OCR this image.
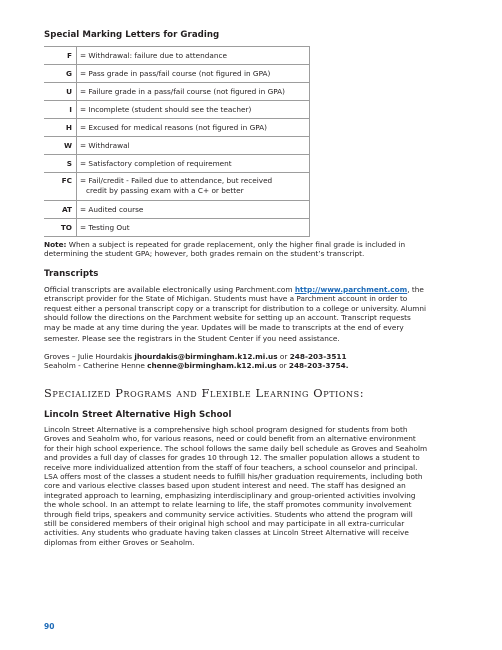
Special Marking Letters for Grading
F	= Withdrawal: failure due to attendance

G	= Pass grade in pass/fail course (not figured in GPA)

U	= Failure grade in a pass/fail course (not figured in GPA)

I	= Incomplete (student should see the teacher)

H	= Excused for medical reasons (not figured in GPA)

W	= Withdrawal

S	= Satisfactory completion of requirement

FC	= Fail/credit - Failed due to attendance, but received
credit by passing exam with a C+ or better

AT	= Audited course

TO	= Testing Out
Note: When a subject is repeated for grade replacement, only the higher final grade is included in
determining the student GPA; however, both grades remain on the student’s transcript.
Transcripts
Official transcripts are available electronically using Parchment.com http://www.parchment.com, the
etranscript provider for the State of Michigan. Students must have a Parchment account in order to
request either a personal transcript copy or a transcript for distribution to a college or university. Alumni
should follow the directions on the Parchment website for setting up an account. Transcript requests
may be made at any time during the year. Updates will be made to transcripts at the end of every
semester. Please see the registrars in the Student Center if you need assistance.
Groves – Julie Hourdakis jhourdakis@birmingham.k12.mi.us or 248-203-3511
Seaholm - Catherine Henne chenne@birmingham.k12.mi.us or 248-203-3754.
Specialized Programs and Flexible Learning Options:
Lincoln Street Alternative High School
Lincoln Street Alternative is a comprehensive high school program designed for students from both
Groves and Seaholm who, for various reasons, need or could benefit from an alternative environment
for their high school experience. The school follows the same daily bell schedule as Groves and Seaholm
and provides a full day of classes for grades 10 through 12. The smaller population allows a student to
receive more individualized attention from the staff of four teachers, a school counselor and principal.
LSA offers most of the classes a student needs to fulfill his/her graduation requirements, including both
core and various elective classes based upon student interest and need. The staff has designed an
integrated approach to learning, emphasizing interdisciplinary and group-oriented activities involving
the whole school. In an attempt to relate learning to life, the staff promotes community involvement
through field trips, speakers and community service activities. Students who attend the program will
still be considered members of their original high school and may participate in all extra-curricular
activities. Any students who graduate having taken classes at Lincoln Street Alternative will receive
diplomas from either Groves or Seaholm.
90
